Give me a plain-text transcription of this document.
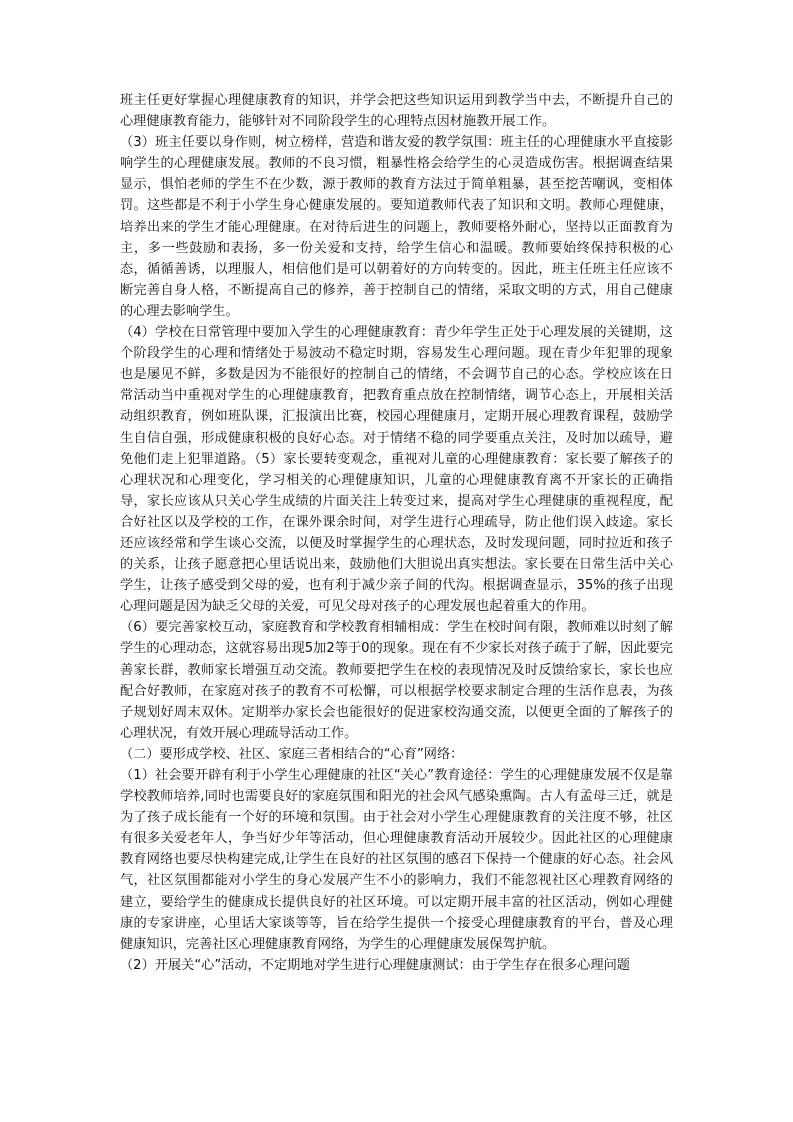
班主任更好掌握心理健康教育的知识，并学会把这些知识运用到教学当中去，不断提升自己的心理健康教育能力，能够针对不同阶段学生的心理特点因材施教开展工作。

（3）班主任要以身作则，树立榜样，营造和谐友爱的教学氛围：班主任的心理健康水平直接影响学生的心理健康发展。教师的不良习惯，粗暴性格会给学生的心灵造成伤害。根据调查结果显示，惧怕老师的学生不在少数，源于教师的教育方法过于简单粗暴，甚至挖苦嘲讽，变相体罚。这些都是不利于小学生身心健康发展的。要知道教师代表了知识和文明。教师心理健康，培养出来的学生才能心理健康。在对待后进生的问题上，教师要格外耐心，坚持以正面教育为主，多一些鼓励和表扬，多一份关爱和支持，给学生信心和温暖。教师要始终保持积极的心态，循循善诱，以理服人，相信他们是可以朝着好的方向转变的。因此，班主任班主任应该不断完善自身人格，不断提高自己的修养，善于控制自己的情绪，采取文明的方式，用自己健康的心理去影响学生。

（4）学校在日常管理中要加入学生的心理健康教育：青少年学生正处于心理发展的关键期，这个阶段学生的心理和情绪处于易波动不稳定时期，容易发生心理问题。现在青少年犯罪的现象也是屡见不鲜，多数是因为不能很好的控制自己的情绪，不会调节自己的心态。学校应该在日常活动当中重视对学生的心理健康教育，把教育重点放在控制情绪，调节心态上，开展相关活动组织教育，例如班队课，汇报演出比赛，校园心理健康月，定期开展心理教育课程，鼓励学生自信自强，形成健康积极的良好心态。对于情绪不稳的同学要重点关注，及时加以疏导，避免他们走上犯罪道路。（5）家长要转变观念，重视对儿童的心理健康教育：家长要了解孩子的心理状况和心理变化，学习相关的心理健康知识，儿童的心理健康教育离不开家长的正确指导，家长应该从只关心学生成绩的片面关注上转变过来，提高对学生心理健康的重视程度，配合好社区以及学校的工作，在课外课余时间，对学生进行心理疏导，防止他们误入歧途。家长还应该经常和学生谈心交流，以便及时掌握学生的心理状态，及时发现问题，同时拉近和孩子的关系，让孩子愿意把心里话说出来，鼓励他们大胆说出真实想法。家长要在日常生活中关心学生，让孩子感受到父母的爱，也有利于减少亲子间的代沟。根据调查显示，35%的孩子出现心理问题是因为缺乏父母的关爱，可见父母对孩子的心理发展也起着重大的作用。

（6）要完善家校互动，家庭教育和学校教育相辅相成：学生在校时间有限，教师难以时刻了解学生的心理动态，这就容易出现5加2等于0的现象。现在有不少家长对孩子疏于了解，因此要完善家长群，教师家长增强互动交流。教师要把学生在校的表现情况及时反馈给家长，家长也应配合好教师，在家庭对孩子的教育不可松懈，可以根据学校要求制定合理的生活作息表，为孩子规划好周末双休。定期举办家长会也能很好的促进家校沟通交流，以便更全面的了解孩子的心理状况，有效开展心理疏导活动工作。

（二）要形成学校、社区、家庭三者相结合的“心育”网络：

（1）社会要开辟有利于小学生心理健康的社区“关心”教育途径：学生的心理健康发展不仅是靠学校教师培养,同时也需要良好的家庭氛围和阳光的社会风气感染熏陶。古人有孟母三迁，就是为了孩子成长能有一个好的环境和氛围。由于社会对小学生心理健康教育的关注度不够，社区有很多关爱老年人，争当好少年等活动，但心理健康教育活动开展较少。因此社区的心理健康教育网络也要尽快构建完成,让学生在良好的社区氛围的感召下保持一个健康的好心态。社会风气，社区氛围都能对小学生的身心发展产生不小的影响力，我们不能忽视社区心理教育网络的建立，要给学生的健康成长提供良好的社区环境。可以定期开展丰富的社区活动，例如心理健康的专家讲座，心里话大家谈等等，旨在给学生提供一个接受心理健康教育的平台，普及心理健康知识，完善社区心理健康教育网络，为学生的心理健康发展保驾护航。

（2）开展关“心”活动，不定期地对学生进行心理健康测试：由于学生存在很多心理问题
